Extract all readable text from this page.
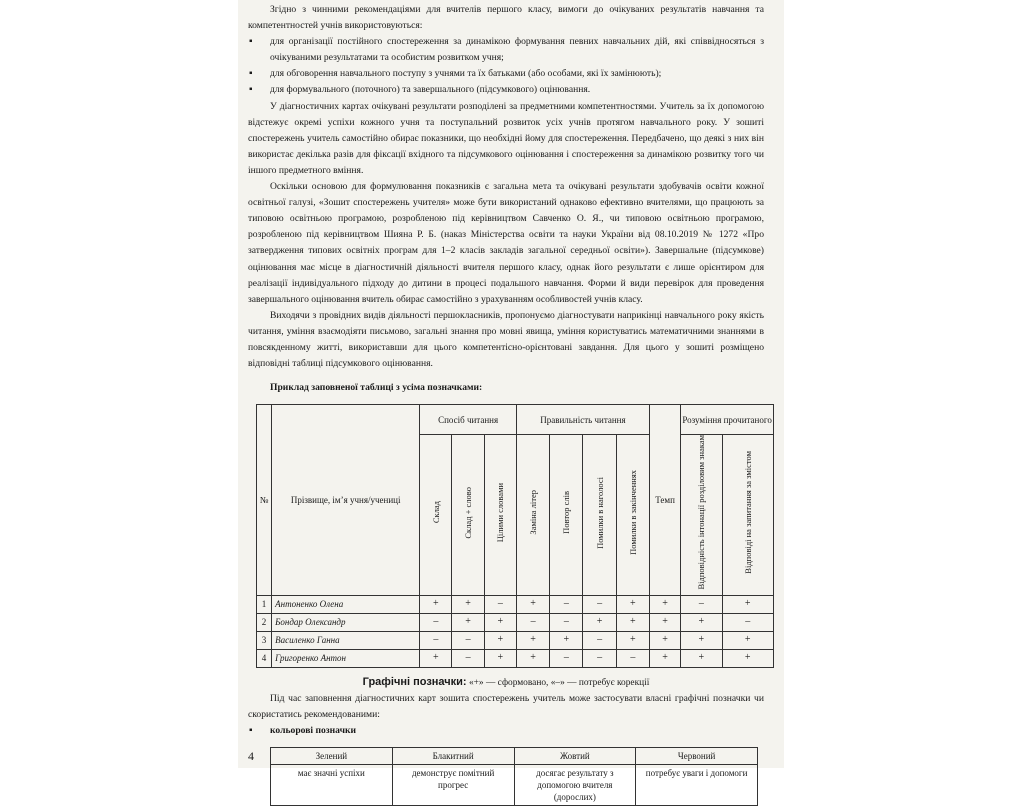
Згідно з чинними рекомендаціями для вчителів першого класу, вимоги до очікуваних результатів навчання та компетентностей учнів використовуються:

▪ для організації постійного спостереження за динамікою формування певних навчальних дій, які співвідносяться з очікуваними результатами та особистим розвитком учня;
▪ для обговорення навчального поступу з учнями та їх батьками (або особами, які їх замінюють);
▪ для формувального (поточного) та завершального (підсумкового) оцінювання.

У діагностичних картах очікувані результати розподілені за предметними компетентностями. Учитель за їх допомогою відстежує окремі успіхи кожного учня та поступальний розвиток усіх учнів протягом навчального року. У зошиті спостережень учитель самостійно обирає показники, що необхідні йому для спостереження. Передбачено, що деякі з них він використає декілька разів для фіксації вхідного та підсумкового оцінювання і спостереження за динамікою розвитку того чи іншого предметного вміння.

Оскільки основою для формулювання показників є загальна мета та очікувані результати здобувачів освіти кожної освітньої галузі, «Зошит спостережень учителя» може бути використаний однаково ефективно вчителями, що працюють за типовою освітньою програмою, розробленою під керівництвом Савченко О. Я., чи типовою освітньою програмою, розробленою під керівництвом Шияна Р. Б. (наказ Міністерства освіти та науки України від 08.10.2019 № 1272 «Про затвердження типових освітніх програм для 1–2 класів закладів загальної середньої освіти»). Завершальне (підсумкове) оцінювання має місце в діагностичній діяльності вчителя першого класу, однак його результати є лише орієнтиром для реалізації індивідуального підходу до дитини в процесі подальшого навчання. Форми й види перевірок для проведення завершального оцінювання вчитель обирає самостійно з урахуванням особливостей учнів класу.

Виходячи з провідних видів діяльності першокласників, пропонуємо діагностувати наприкінці навчального року якість читання, уміння взаємодіяти письмово, загальні знання про мовні явища, уміння користуватись математичними знаннями в повсякденному житті, використавши для цього компетентісно-орієнтовані завдання. Для цього у зошиті розміщено відповідні таблиці підсумкового оцінювання.

Приклад заповненої таблиці з усіма позначками:
№	Прізвище, ім’я учня/учениці	Спосіб читання			Правильність читання				Темп	Розуміння прочитаного	
		Склад	Склад + слово	Цілими словами	Заміна літер	Повтор слів	Помилки в наголосі	Помилки в закінченнях		Відповідність інтонації розділовим знакам	Відповіді на запитання за змістом
1	Антоненко Олена	+	+	–	+	–	–	+	+	–	+
2	Бондар Олександр	–	+	+	–	–	+	+	+	+	–
3	Василенко Ганна	–	–	+	+	+	–	+	+	+	+
4	Григоренко Антон	+	–	+	+	–	–	–	+	+	+
Графічні позначки: «+» — сформовано, «–» — потребує корекції

Під час заповнення діагностичних карт зошита спостережень учитель може застосувати власні графічні позначки чи скористатись рекомендованими:

▪ кольорові позначки
Зелений	Блакитний	Жовтий	Червоний
має значні успіхи	демонструє помітний прогрес	досягає результату з допомогою вчителя (дорослих)	потребує уваги і допомоги
4
